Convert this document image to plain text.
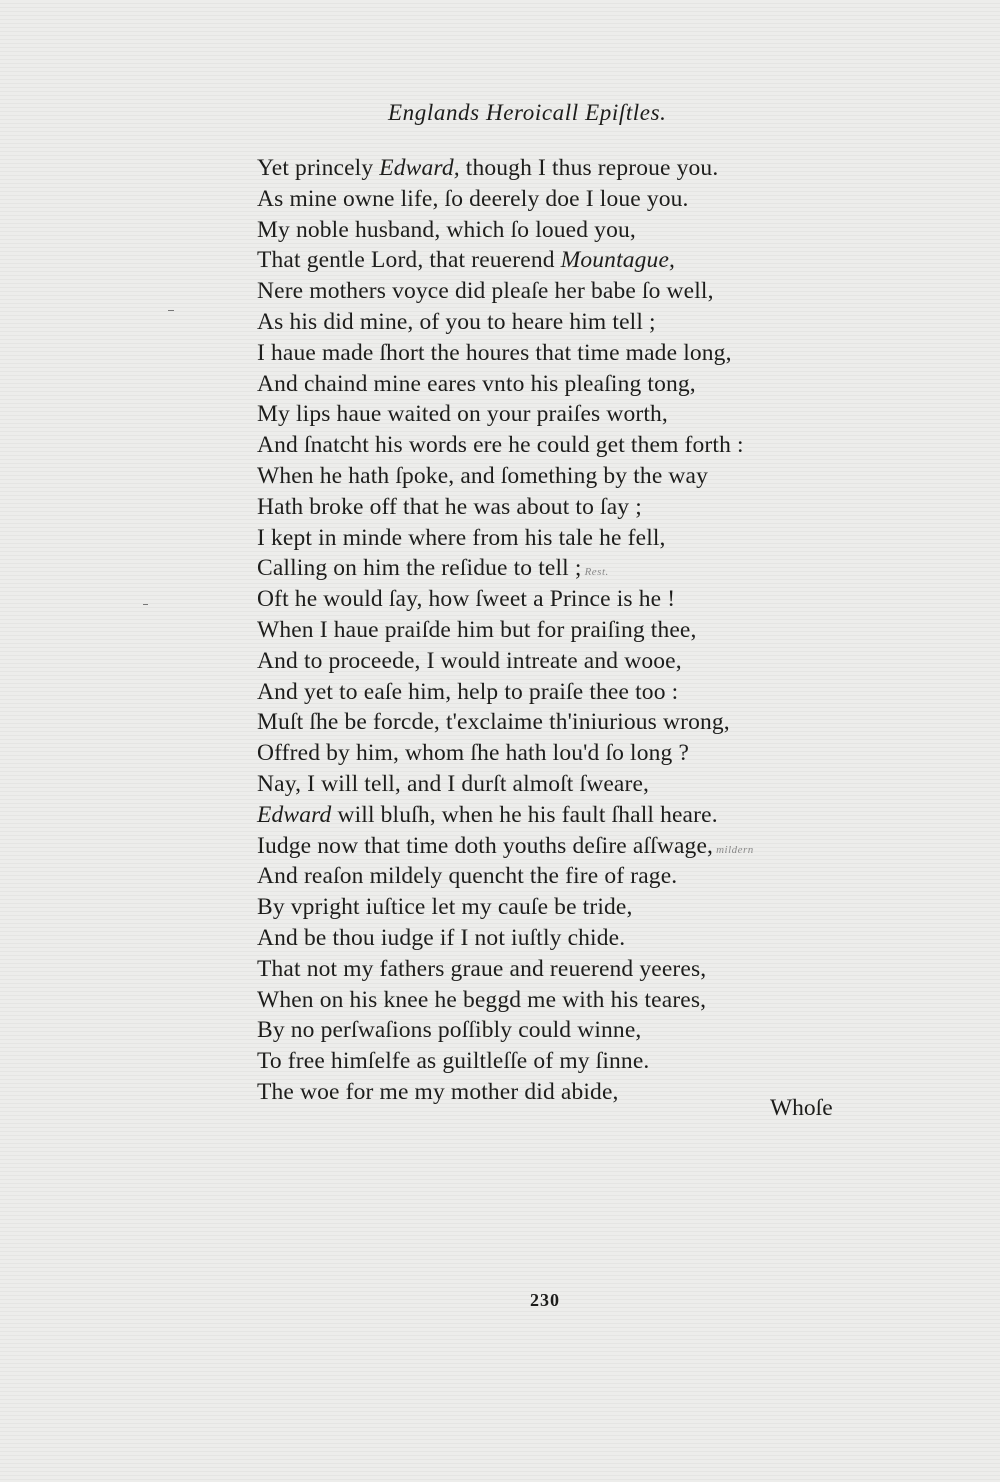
Englands Heroicall Epiſtles.
Yet princely Edward, though I thus reproue you.
As mine owne life, ſo deerely doe I loue you.
My noble husband, which ſo loued you,
That gentle Lord, that reuerend Mountague,
Nere mothers voyce did pleaſe her babe ſo well,
As his did mine, of you to heare him tell ;
I haue made ſhort the houres that time made long,
And chaind mine eares vnto his pleaſing tong,
My lips haue waited on your praiſes worth,
And ſnatcht his words ere he could get them forth :
When he hath ſpoke, and ſomething by the way
Hath broke off that he was about to ſay ;
I kept in minde where from his tale he fell,
Calling on him the reſidue to tell ; Rest.
Oft he would ſay, how ſweet a Prince is he !
When I haue praiſde him but for praiſing thee,
And to proceede, I would intreate and wooe,
And yet to eaſe him, help to praiſe thee too :
Muſt ſhe be forcde, t'exclaime th'iniurious wrong,
Offred by him, whom ſhe hath lou'd ſo long ?
Nay, I will tell, and I durſt almoſt ſweare,
Edward will bluſh, when he his fault ſhall heare.
Iudge now that time doth youths deſire aſſwage, mildern
And reaſon mildely quencht the fire of rage.
By vpright iuſtice let my cauſe be tride,
And be thou iudge if I not iuſtly chide.
That not my fathers graue and reuerend yeeres,
When on his knee he beggd me with his teares,
By no perſwaſions poſſibly could winne,
To free himſelfe as guiltleſſe of my ſinne.
The woe for me my mother did abide,
Whoſe
230
